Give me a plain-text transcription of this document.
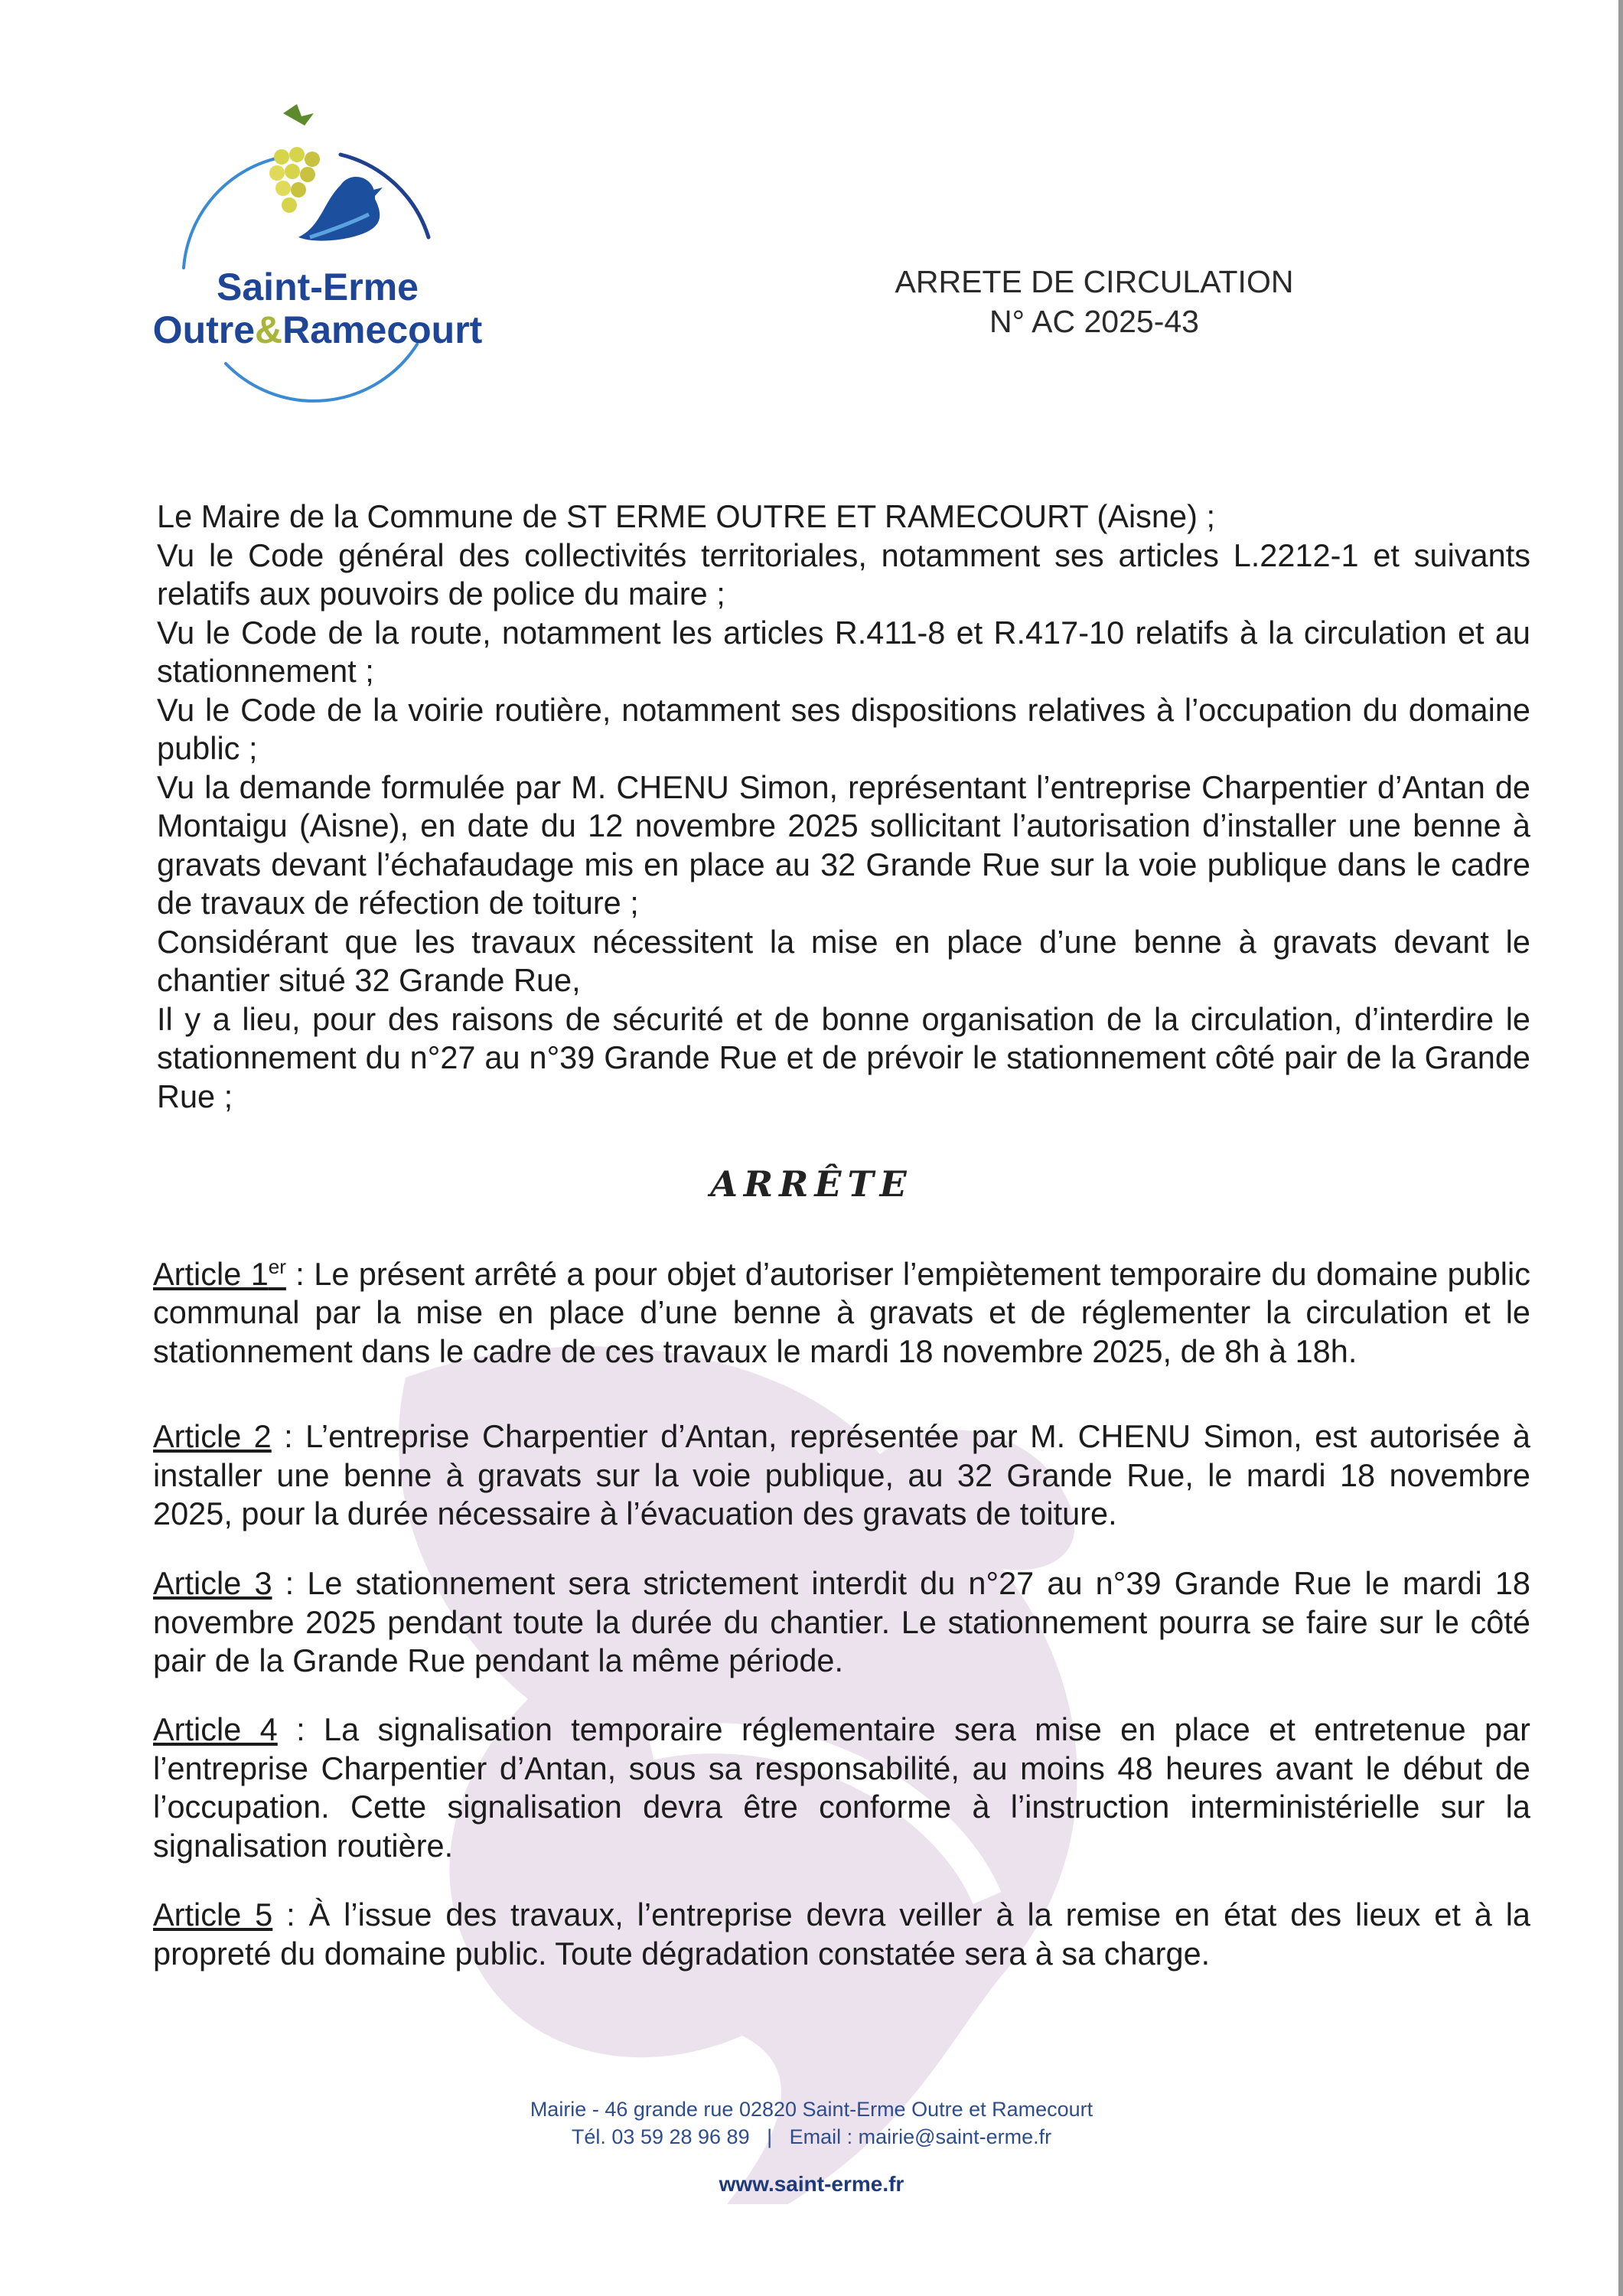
Saint-Erme
Outre&Ramecourt
ARRETE DE CIRCULATION
N° AC 2025-43

Le Maire de la Commune de ST ERME OUTRE ET RAMECOURT (Aisne) ;

Vu le Code général des collectivités territoriales, notamment ses articles L.2212-1 et suivants relatifs aux pouvoirs de police du maire ;

Vu le Code de la route, notamment les articles R.411-8 et R.417-10 relatifs à la circulation et au stationnement ;

Vu le Code de la voirie routière, notamment ses dispositions relatives à l’occupation du domaine public ;

Vu la demande formulée par M. CHENU Simon, représentant l’entreprise Charpentier d’Antan de Montaigu (Aisne), en date du 12 novembre 2025 sollicitant l’autorisation d’installer une benne à gravats devant l’échafaudage mis en place au 32 Grande Rue sur la voie publique dans le cadre de travaux de réfection de toiture ;

Considérant que les travaux nécessitent la mise en place d’une benne à gravats devant le chantier situé 32 Grande Rue,

Il y a lieu, pour des raisons de sécurité et de bonne organisation de la circulation, d’interdire le stationnement du n°27 au n°39 Grande Rue et de prévoir le stationnement côté pair de la Grande Rue ;

ARRÊTE

Article 1er : Le présent arrêté a pour objet d’autoriser l’empiètement temporaire du domaine public communal par la mise en place d’une benne à gravats et de réglementer la circulation et le stationnement dans le cadre de ces travaux le mardi 18 novembre 2025, de 8h à 18h.

Article 2 : L’entreprise Charpentier d’Antan, représentée par M. CHENU Simon, est autorisée à installer une benne à gravats sur la voie publique, au 32 Grande Rue, le mardi 18 novembre 2025, pour la durée nécessaire à l’évacuation des gravats de toiture.

Article 3 : Le stationnement sera strictement interdit du n°27 au n°39 Grande Rue le mardi 18 novembre 2025 pendant toute la durée du chantier. Le stationnement pourra se faire sur le côté pair de la Grande Rue pendant la même période.

Article 4 : La signalisation temporaire réglementaire sera mise en place et entretenue par l’entreprise Charpentier d’Antan, sous sa responsabilité, au moins 48 heures avant le début de l’occupation. Cette signalisation devra être conforme à l’instruction interministérielle sur la signalisation routière.

Article 5 : À l’issue des travaux, l’entreprise devra veiller à la remise en état des lieux et à la propreté du domaine public. Toute dégradation constatée sera à sa charge.

Mairie - 46 grande rue 02820 Saint-Erme Outre et Ramecourt
Tél. 03 59 28 96 89   |   Email : mairie@saint-erme.fr
www.saint-erme.fr
